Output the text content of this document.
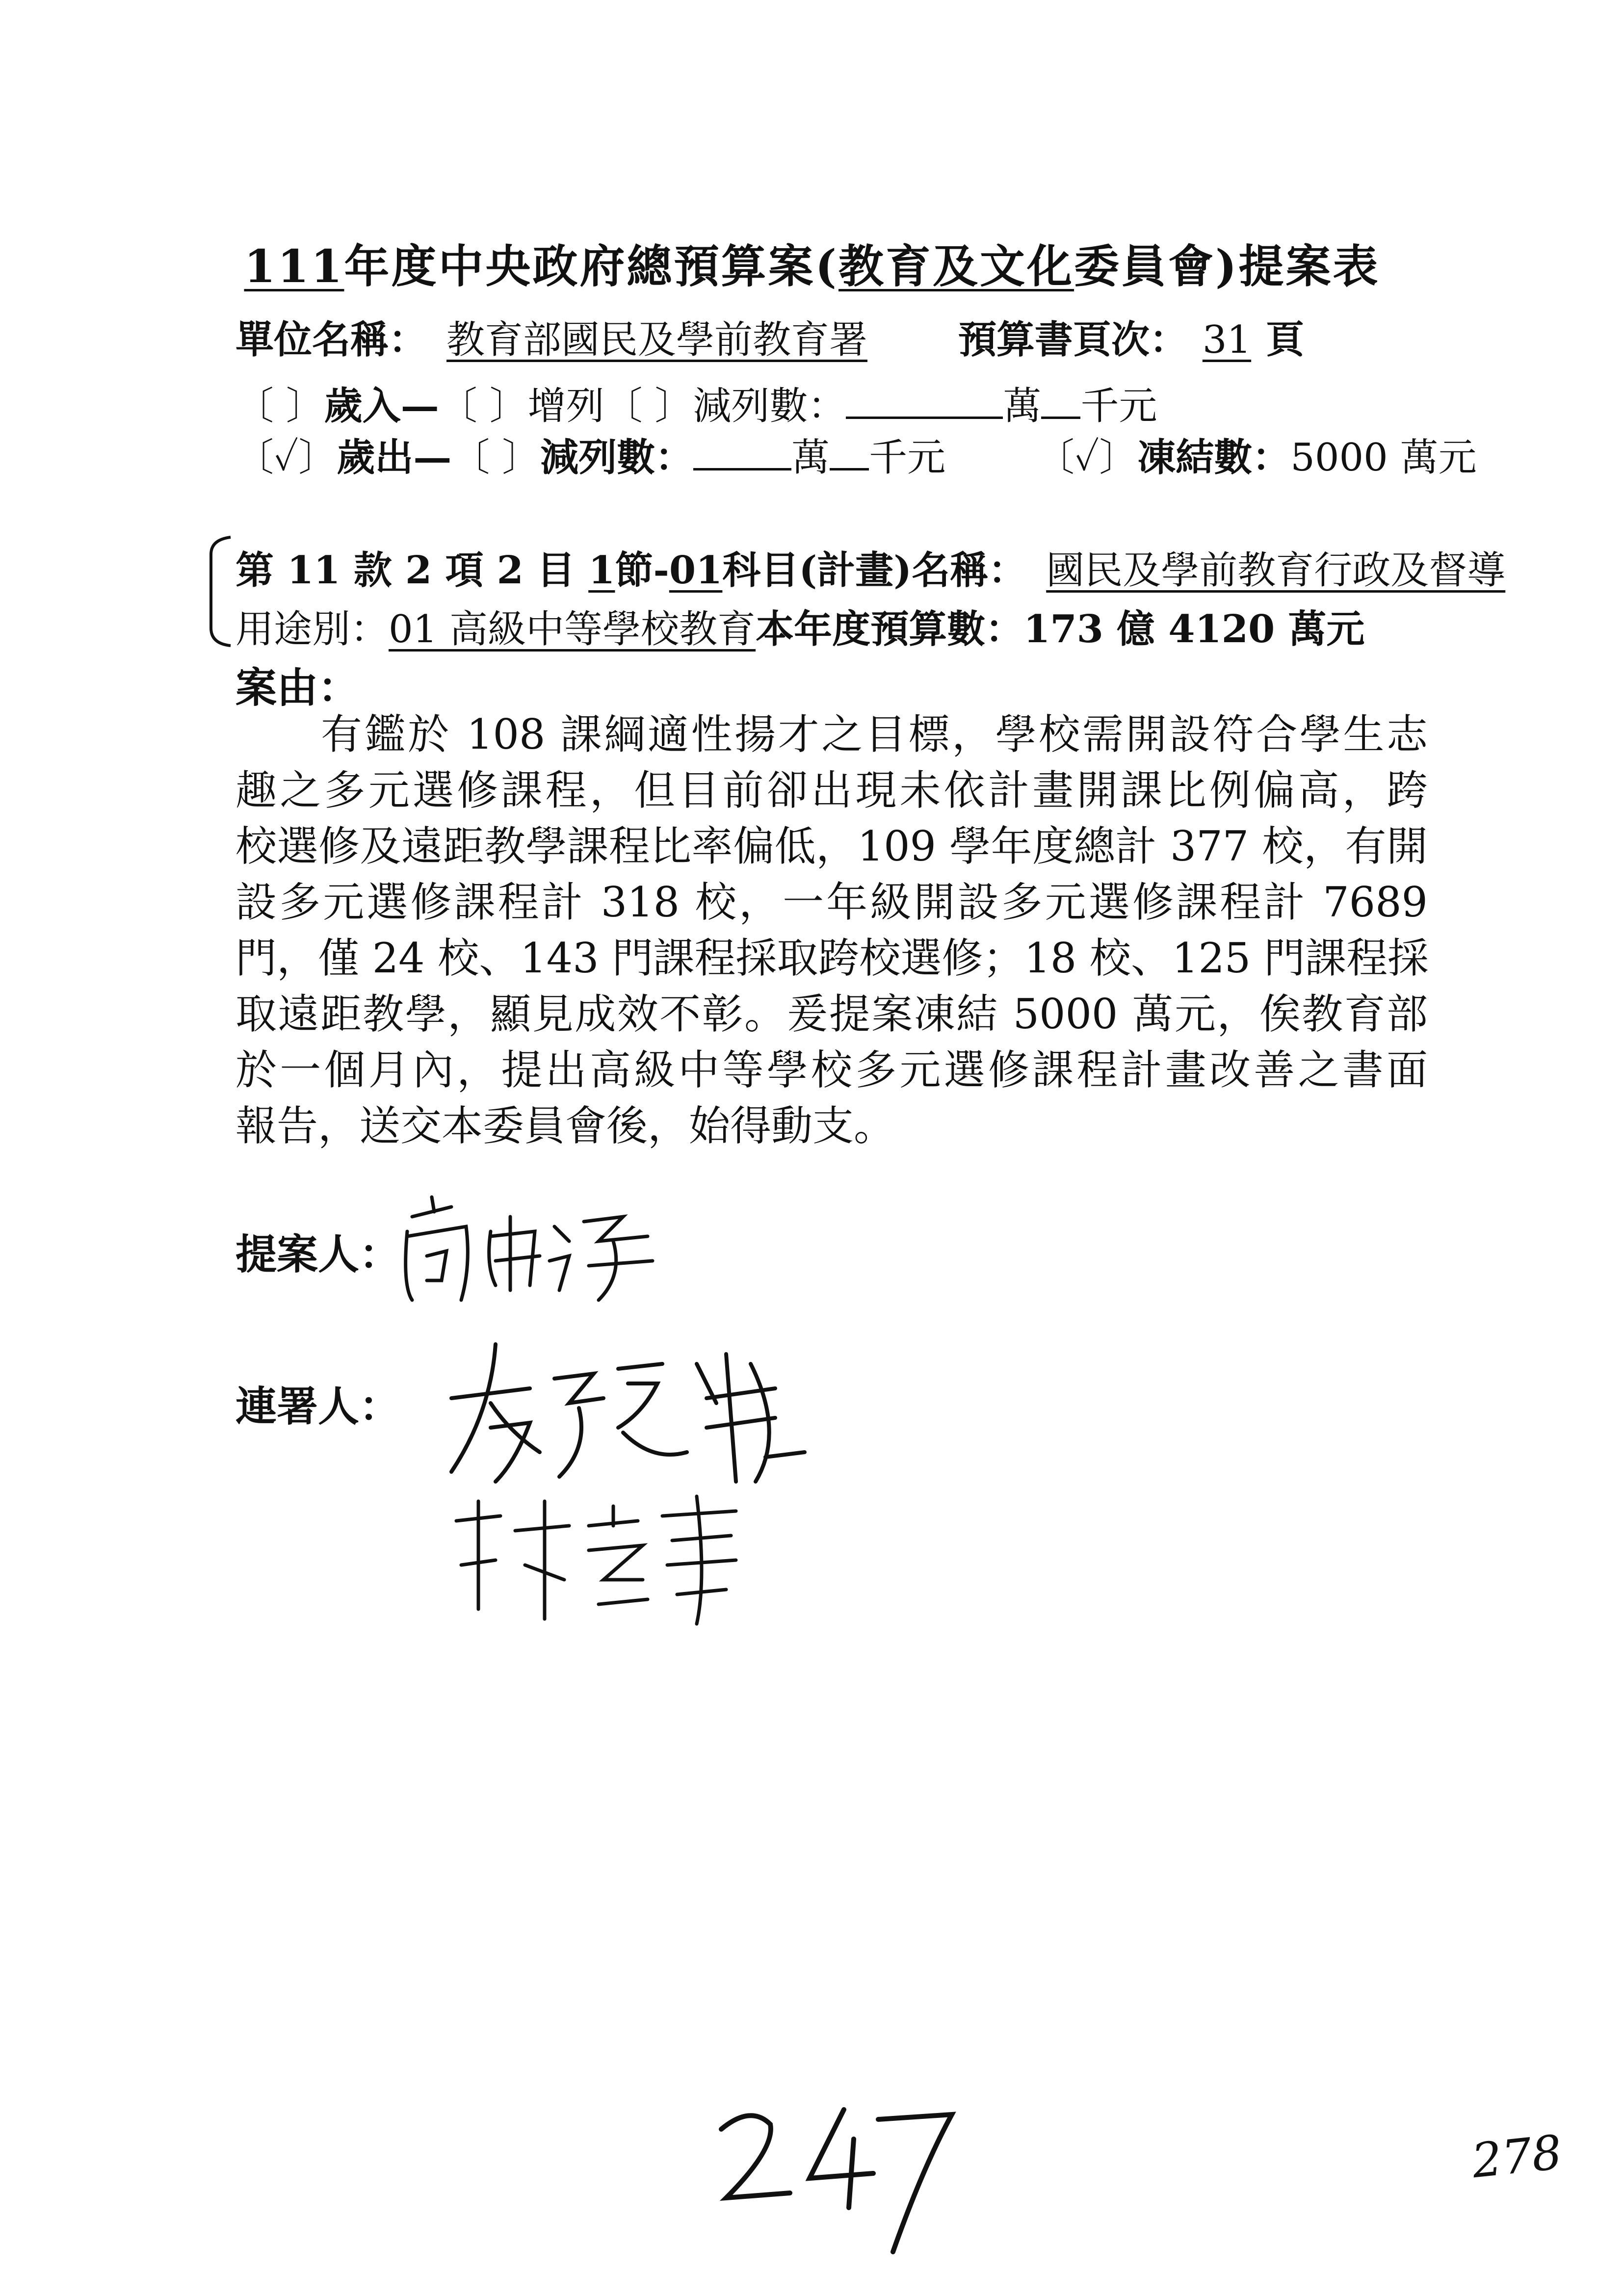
111年度中央政府總預算案(教育及文化委員會)提案表
單位名稱： 教育部國民及學前教育署 預算書頁次： 31 頁
〔 〕歲入—〔 〕增列〔 〕減列數：	萬 千元
〔✓〕歲出—〔 〕減列數：	萬 千元 〔✓〕凍結數：5000 萬元
第 11 款 2 項 2 目 1節-01科目(計畫)名稱： 國民及學前教育行政及督導
用途別：01 高級中等學校教育本年度預算數：173 億 4120 萬元
案由：
有鑑於 108 課綱適性揚才之目標，學校需開設符合學生志
趣之多元選修課程，但目前卻出現未依計畫開課比例偏高，跨
校選修及遠距教學課程比率偏低，109 學年度總計 377 校，有開
設多元選修課程計 318 校，一年級開設多元選修課程計 7689
門，僅 24 校、143 門課程採取跨校選修；18 校、125 門課程採
取遠距教學，顯見成效不彰。爰提案凍結 5000 萬元，俟教育部
於一個月內，提出高級中等學校多元選修課程計畫改善之書面
報告，送交本委員會後，始得動支。
提案人：
連署人：
278
